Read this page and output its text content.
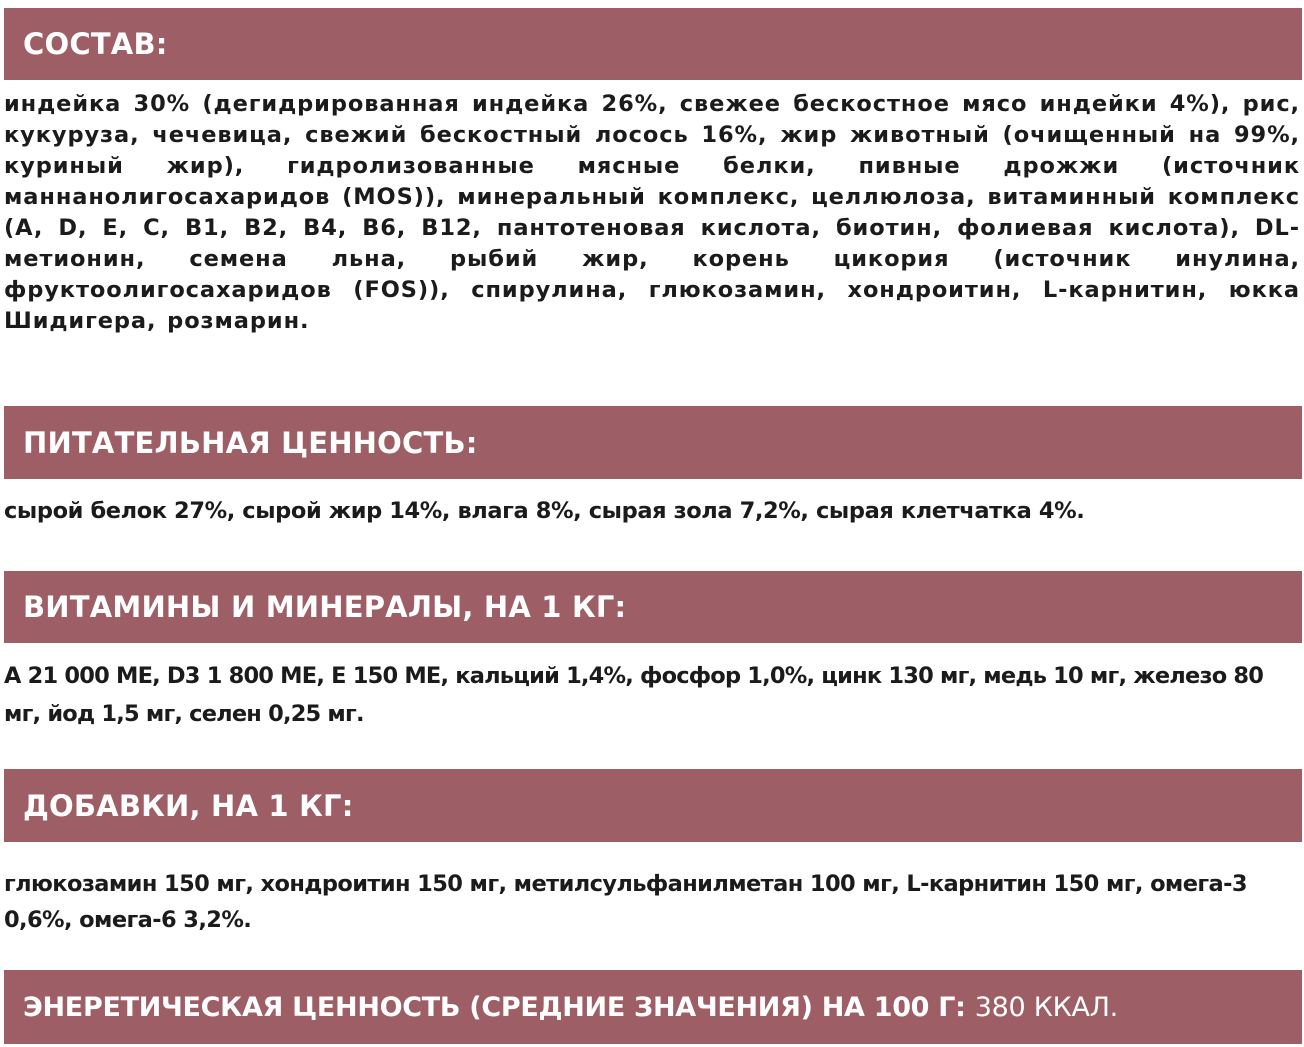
СОСТАВ:
индейка 30% (дегидрированная индейка 26%, свежее бескостное мясо индейки 4%), рис, кукуруза, чечевица, свежий бескостный лосось 16%, жир животный (очищенный на 99%, куриный жир), гидролизованные мясные белки, пивные дрожжи (источник маннанолигосахаридов (MOS)), минеральный комплекс, целлюлоза, витаминный комплекс (A, D, E, C, B1, B2, B4, B6, B12, пантотеновая кислота, биотин, фолиевая кислота), DL-метионин, семена льна, рыбий жир, корень цикория (источник инулина, фруктоолигосахаридов (FOS)), спирулина, глюкозамин, хондроитин, L-карнитин, юкка Шидигера, розмарин.
ПИТАТЕЛЬНАЯ ЦЕННОСТЬ:
сырой белок 27%, сырой жир 14%, влага 8%, сырая зола 7,2%, сырая клетчатка 4%.
ВИТАМИНЫ И МИНЕРАЛЫ, НА 1 КГ:
A 21 000 МЕ, D3 1 800 МЕ, E 150 МЕ, кальций 1,4%, фосфор 1,0%, цинк 130 мг, медь 10 мг, железо 80
мг, йод 1,5 мг, селен 0,25 мг.
ДОБАВКИ, НА 1 КГ:
глюкозамин 150 мг, хондроитин 150 мг, метилсульфанилметан 100 мг, L-карнитин 150 мг, омега-3
0,6%, омега-6 3,2%.
ЭНЕРЕТИЧЕСКАЯ ЦЕННОСТЬ (СРЕДНИЕ ЗНАЧЕНИЯ) НА 100 Г:
380 ККАЛ.
